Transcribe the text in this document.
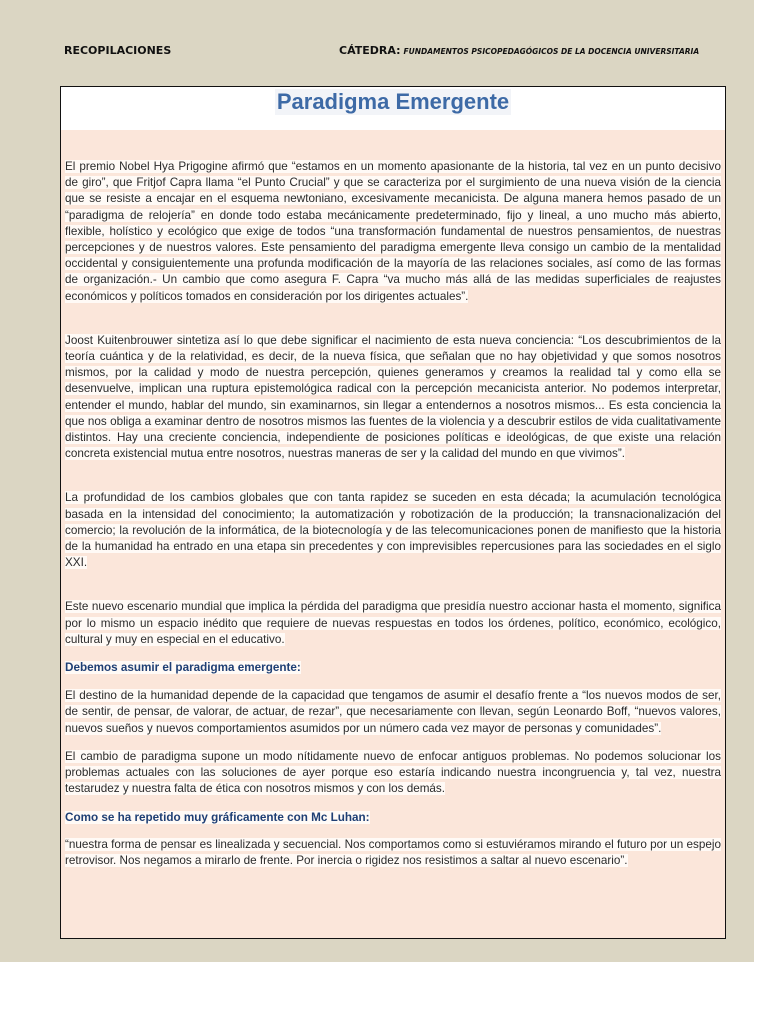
RECOPILACIONES	CÁTEDRA: FUNDAMENTOS PSICOPEDAGÓGICOS DE LA DOCENCIA UNIVERSITARIA
Paradigma Emergente

El premio Nobel Hya Prigogine afirmó que “estamos en un momento apasionante de la historia, tal vez en un punto decisivo de giro”, que Fritjof Capra llama “el Punto Crucial” y que se caracteriza por el surgimiento de una nueva visión de la ciencia que se resiste a encajar en el esquema newtoniano, excesivamente mecanicista. De alguna manera hemos pasado de un “paradigma de relojería” en donde todo estaba mecánicamente predeterminado, fijo y lineal, a uno mucho más abierto, flexible, holístico y ecológico que exige de todos “una transformación fundamental de nuestros pensamientos, de nuestras percepciones y de nuestros valores. Este pensamiento del paradigma emergente lleva consigo un cambio de la mentalidad occidental y consiguientemente una profunda modificación de la mayoría de las relaciones sociales, así como de las formas de organización.- Un cambio que como asegura F. Capra “va mucho más allá de las medidas superficiales de reajustes económicos y políticos tomados en consideración por los dirigentes actuales”.

Joost Kuitenbrouwer sintetiza así lo que debe significar el nacimiento de esta nueva conciencia: “Los descubrimientos de la teoría cuántica y de la relatividad, es decir, de la nueva física, que señalan que no hay objetividad y que somos nosotros mismos, por la calidad y modo de nuestra percepción, quienes generamos y creamos la realidad tal y como ella se desenvuelve, implican una ruptura epistemológica radical con la percepción mecanicista anterior. No podemos interpretar, entender el mundo, hablar del mundo, sin examinarnos, sin llegar a entendernos a nosotros mismos... Es esta conciencia la que nos obliga a examinar dentro de nosotros mismos las fuentes de la violencia y a descubrir estilos de vida cualitativamente distintos. Hay una creciente conciencia, independiente de posiciones políticas e ideológicas, de que existe una relación concreta existencial mutua entre nosotros, nuestras maneras de ser y la calidad del mundo en que vivimos”.

La profundidad de los cambios globales que con tanta rapidez se suceden en esta década; la acumulación tecnológica basada en la intensidad del conocimiento; la automatización y robotización de la producción; la transnacionalización del comercio; la revolución de la informática, de la biotecnología y de las telecomunicaciones ponen de manifiesto que la historia de la humanidad ha entrado en una etapa sin precedentes y con imprevisibles repercusiones para las sociedades en el siglo XXI.

Este nuevo escenario mundial que implica la pérdida del paradigma que presidía nuestro accionar hasta el momento, significa por lo mismo un espacio inédito que requiere de nuevas respuestas en todos los órdenes, político, económico, ecológico, cultural y muy en especial en el educativo.

Debemos asumir el paradigma emergente:

El destino de la humanidad depende de la capacidad que tengamos de asumir el desafío frente a “los nuevos modos de ser, de sentir, de pensar, de valorar, de actuar, de rezar”, que necesariamente con llevan, según Leonardo Boff, “nuevos valores, nuevos sueños y nuevos comportamientos asumidos por un número cada vez mayor de personas y comunidades”.

El cambio de paradigma supone un modo nítidamente nuevo de enfocar antiguos problemas. No podemos solucionar los problemas actuales con las soluciones de ayer porque eso estaría indicando nuestra incongruencia y, tal vez, nuestra testarudez y nuestra falta de ética con nosotros mismos y con los demás.

Como se ha repetido muy gráficamente con Mc Luhan:

“nuestra forma de pensar es linealizada y secuencial. Nos comportamos como si estuviéramos mirando el futuro por un espejo retrovisor. Nos negamos a mirarlo de frente. Por inercia o rigidez nos resistimos a saltar al nuevo escenario”.
